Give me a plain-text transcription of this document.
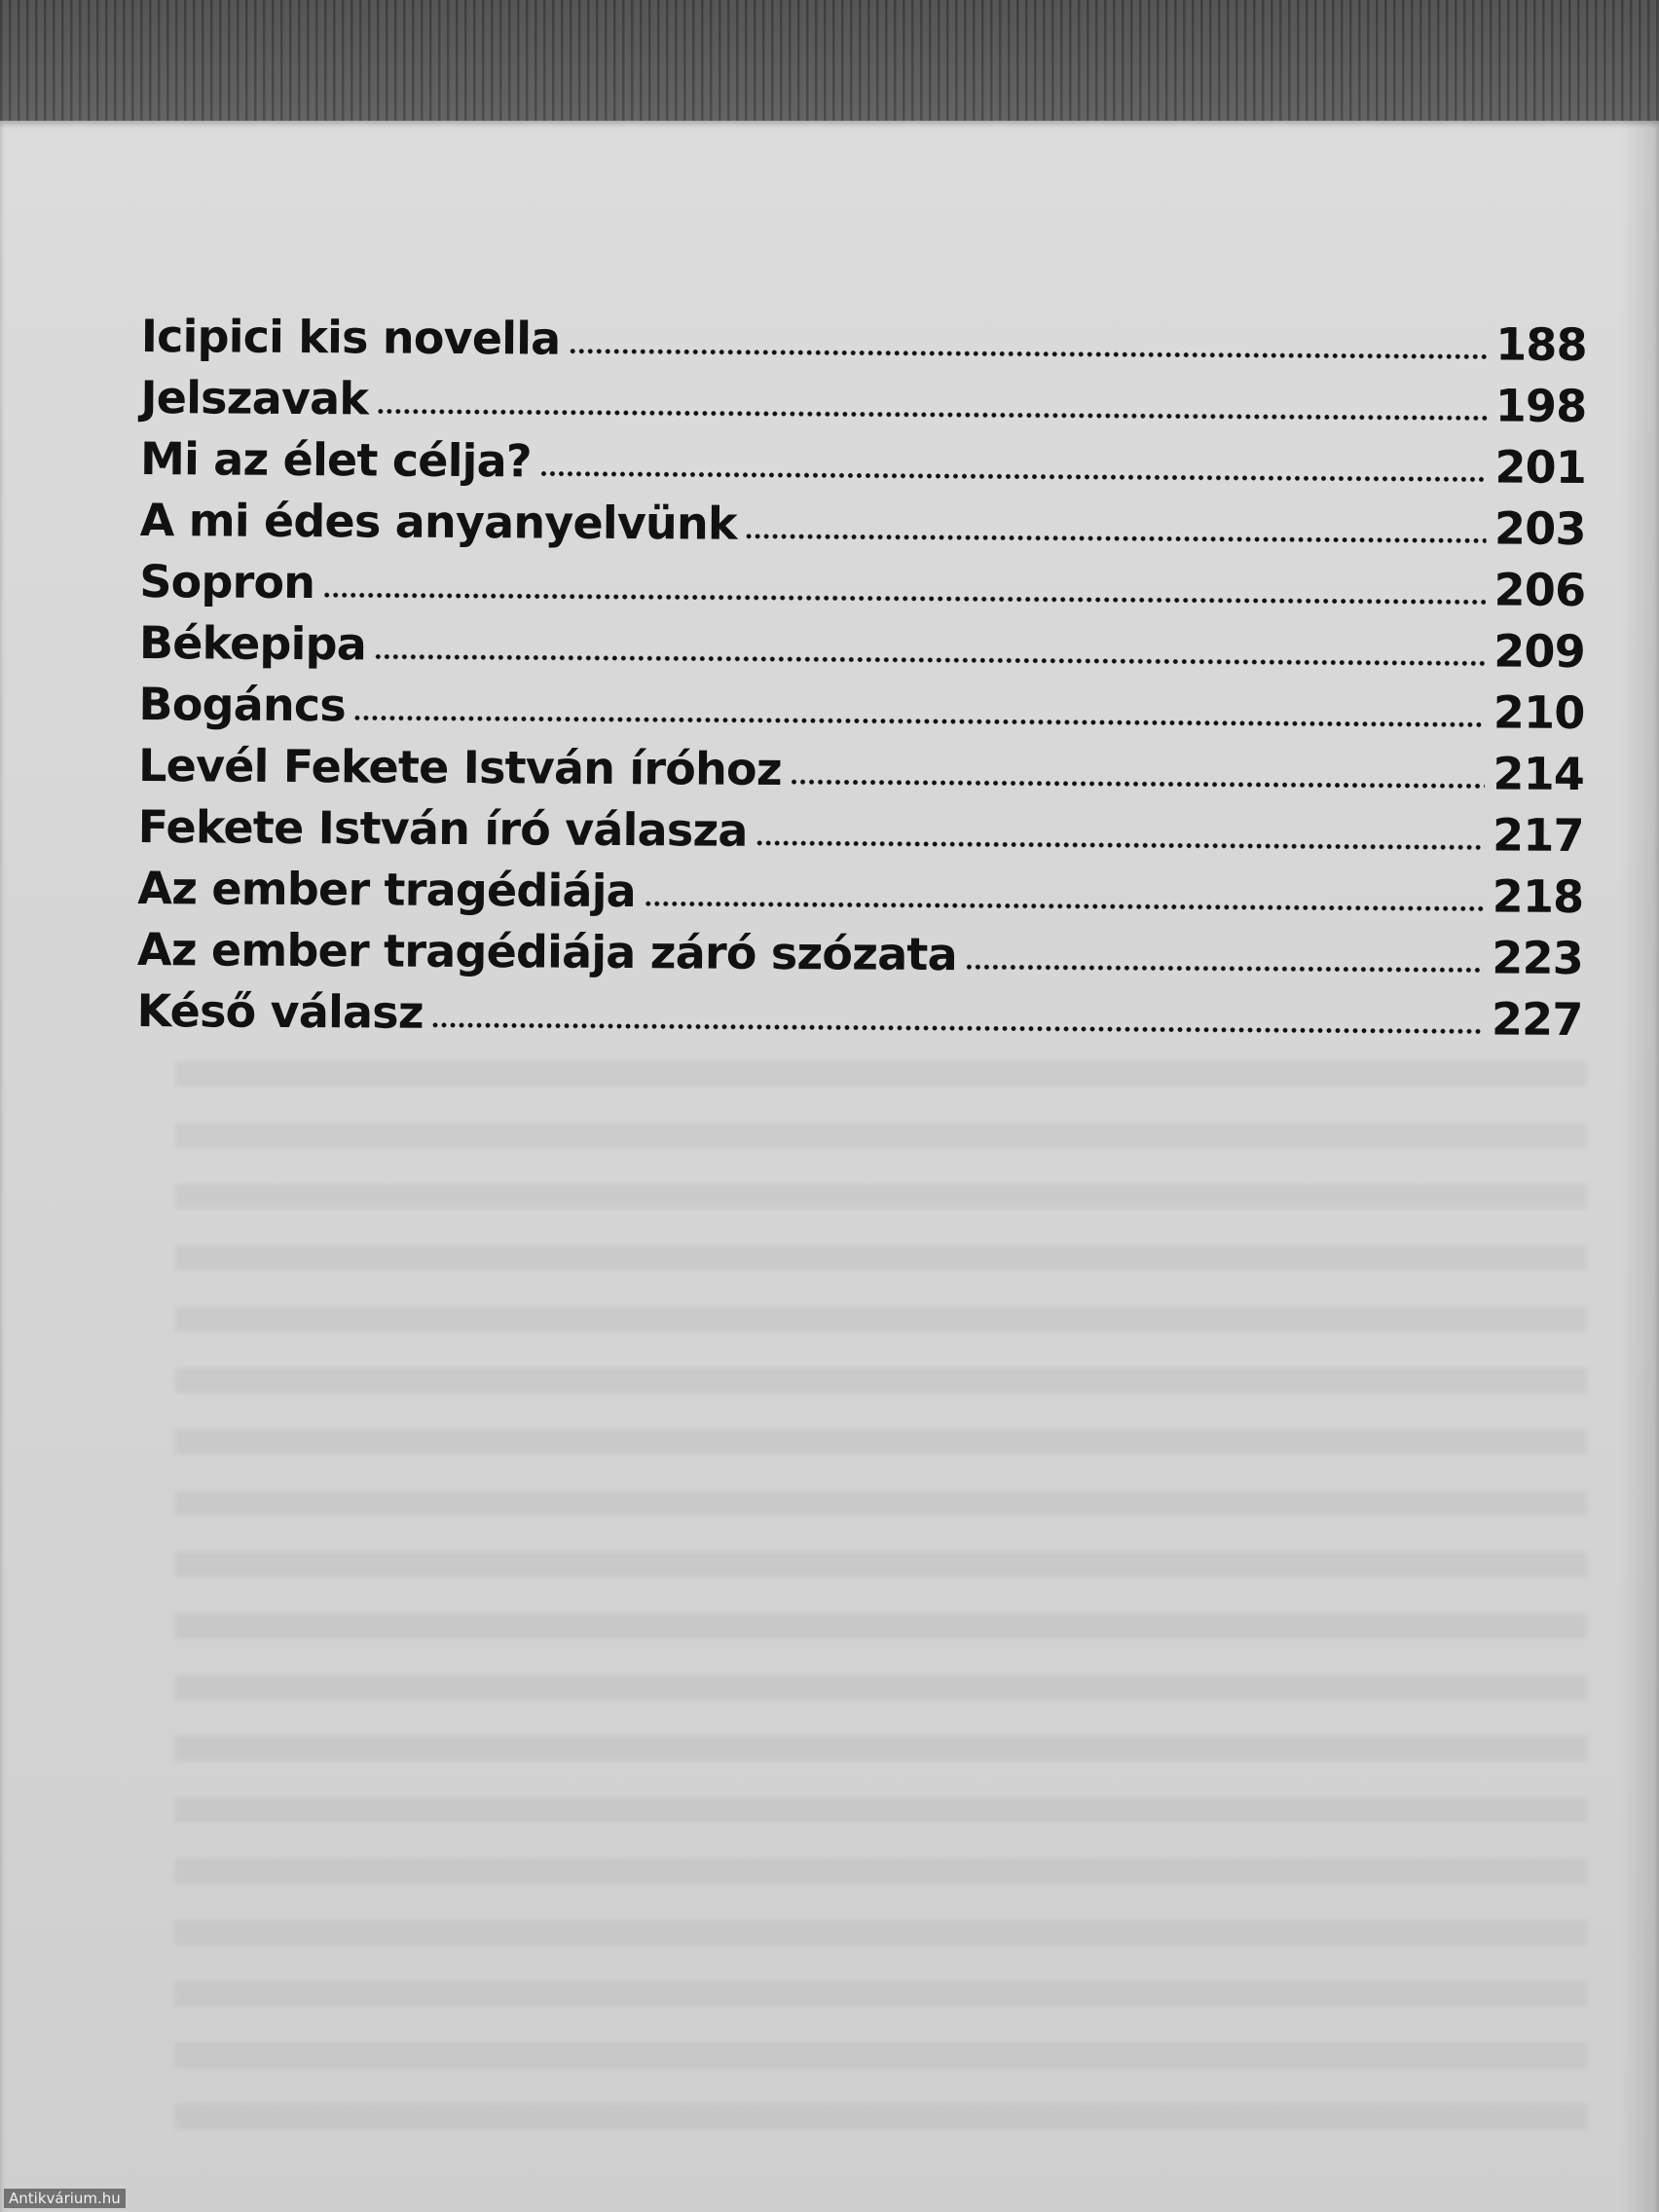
Icipici kis novella	188
Jelszavak	198
Mi az élet célja?	201
A mi édes anyanyelvünk	203
Sopron	206
Békepipa	209
Bogáncs	210
Levél Fekete István íróhoz	214
Fekete István író válasza	217
Az ember tragédiája	218
Az ember tragédiája záró szózata	223
Késő válasz	227
Antikvárium.hu
